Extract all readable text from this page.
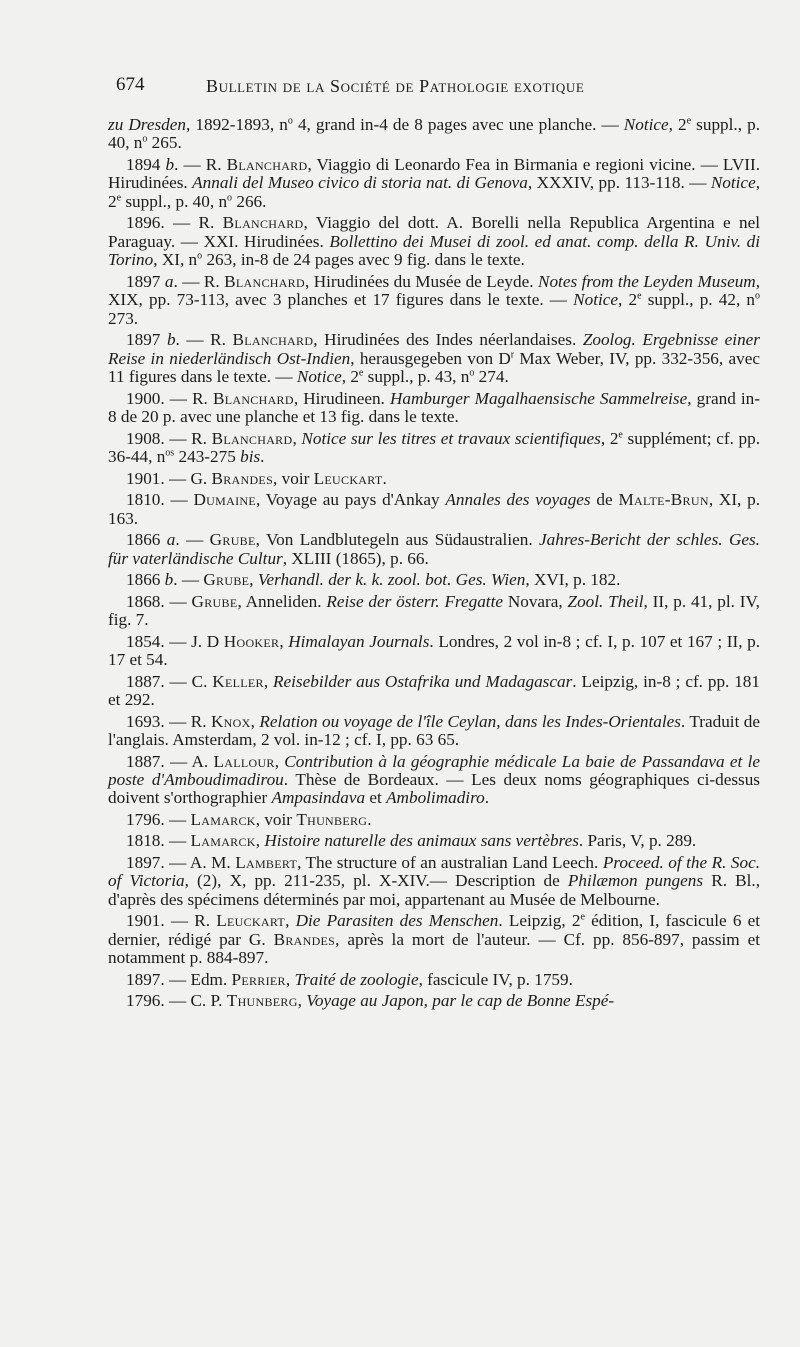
674	Bulletin de la Société de Pathologie exotique

zu Dresden, 1892-1893, $n^o$ 4, grand in-4 de 8 pages avec une planche. — Notice, 2e suppl., p. 40, $n^o$ 265.

1894 b. — R. Blanchard, Viaggio di Leonardo Fea in Birmania e regioni vicine. — LVII. Hirudinées. Annali del Museo civico di storia nat. di Genova, XXXIV, pp. 113-118. — Notice, 2e suppl., p. 40, $n^o$ 266.

1896. — R. Blanchard, Viaggio del dott. A. Borelli nella Republica Argentina e nel Paraguay. — XXI. Hirudinées. Bollettino dei Musei di zool. ed anat. comp. della R. Univ. di Torino, XI, $n^o$ 263, in-8 de 24 pages avec 9 fig. dans le texte.

1897 a. — R. Blanchard, Hirudinées du Musée de Leyde. Notes from the Leyden Museum, XIX, pp. 73-113, avec 3 planches et 17 figures dans le texte. — Notice, 2e suppl., p. 42, $n^o$ 273.

1897 b. — R. Blanchard, Hirudinées des Indes néerlandaises. Zoolog. Ergebnisse einer Reise in niederländisch Ost-Indien, herausgegeben von $D^r$ Max Weber, IV, pp. 332-356, avec 11 figures dans le texte. — Notice, 2e suppl., p. 43, $n^o$ 274.

1900. — R. Blanchard, Hirudineen. Hamburger Magalhaensische Sammelreise, grand in-8 de 20 p. avec une planche et 13 fig. dans le texte.

1908. — R. Blanchard, Notice sur les titres et travaux scientifiques, 2e supplément; cf. pp. 36-44, $n^{os}$ 243-275 bis.

1901. — G. Brandes, voir Leuckart.

1810. — Dumaine, Voyage au pays d'Ankay Annales des voyages de Malte-Brun, XI, p. 163.

1866 a. — Grube, Von Landblutegeln aus Südaustralien. Jahres-Bericht der schles. Ges. für vaterländische Cultur, XLIII (1865), p. 66.

1866 b. — Grube, Verhandl. der k. k. zool. bot. Ges. Wien, XVI, p. 182.

1868. — Grube, Anneliden. Reise der österr. Fregatte Novara, Zool. Theil, II, p. 41, pl. IV, fig. 7.

1854. — J. D Hooker, Himalayan Journals. Londres, 2 vol in-8 ; cf. I, p. 107 et 167 ; II, p. 17 et 54.

1887. — C. Keller, Reisebilder aus Ostafrika und Madagascar. Leipzig, in-8 ; cf. pp. 181 et 292.

1693. — R. Knox, Relation ou voyage de l'île Ceylan, dans les Indes-Orientales. Traduit de l'anglais. Amsterdam, 2 vol. in-12 ; cf. I, pp. 63 65.

1887. — A. Lallour, Contribution à la géographie médicale La baie de Passandava et le poste d'Amboudimadirou. Thèse de Bordeaux. — Les deux noms géographiques ci-dessus doivent s'orthographier Ampasindava et Ambolimadiro.

1796. — Lamarck, voir Thunberg.

1818. — Lamarck, Histoire naturelle des animaux sans vertèbres. Paris, V, p. 289.

1897. — A. M. Lambert, The structure of an australian Land Leech. Proceed. of the R. Soc. of Victoria, (2), X, pp. 211-235, pl. X-XIV.— Description de Philæmon pungens R. Bl., d'après des spécimens déterminés par moi, appartenant au Musée de Melbourne.

1901. — R. Leuckart, Die Parasiten des Menschen. Leipzig, 2e édition, I, fascicule 6 et dernier, rédigé par G. Brandes, après la mort de l'auteur. — Cf. pp. 856-897, passim et notamment p. 884-897.

1897. — Edm. Perrier, Traité de zoologie, fascicule IV, p. 1759.

1796. — C. P. Thunberg, Voyage au Japon, par le cap de Bonne Espé-
